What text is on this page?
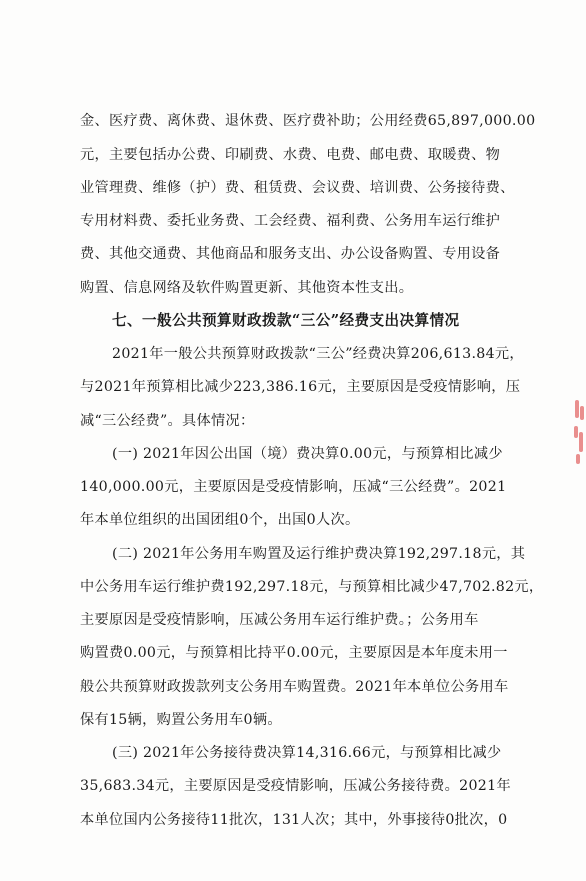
金、医疗费、离休费、退休费、医疗费补助；公用经费65,897,000.00
元，主要包括办公费、印刷费、水费、电费、邮电费、取暖费、物
业管理费、维修（护）费、租赁费、会议费、培训费、公务接待费、
专用材料费、委托业务费、工会经费、福利费、公务用车运行维护
费、其他交通费、其他商品和服务支出、办公设备购置、专用设备
购置、信息网络及软件购置更新、其他资本性支出。
七、一般公共预算财政拨款“三公”经费支出决算情况
2021年一般公共预算财政拨款“三公”经费决算206,613.84元，
与2021年预算相比减少223,386.16元，主要原因是受疫情影响，压
减“三公经费”。具体情况：
(一) 2021年因公出国（境）费决算0.00元，与预算相比减少
140,000.00元，主要原因是受疫情影响，压减“三公经费”。2021
年本单位组织的出国团组0个，出国0人次。
(二) 2021年公务用车购置及运行维护费决算192,297.18元，其
中公务用车运行维护费192,297.18元，与预算相比减少47,702.82元，
主要原因是受疫情影响，压减公务用车运行维护费。；公务用车
购置费0.00元，与预算相比持平0.00元，主要原因是本年度未用一
般公共预算财政拨款列支公务用车购置费。2021年本单位公务用车
保有15辆，购置公务用车0辆。
(三) 2021年公务接待费决算14,316.66元，与预算相比减少
35,683.34元，主要原因是受疫情影响，压减公务接待费。2021年
本单位国内公务接待11批次，131人次；其中，外事接待0批次，0
